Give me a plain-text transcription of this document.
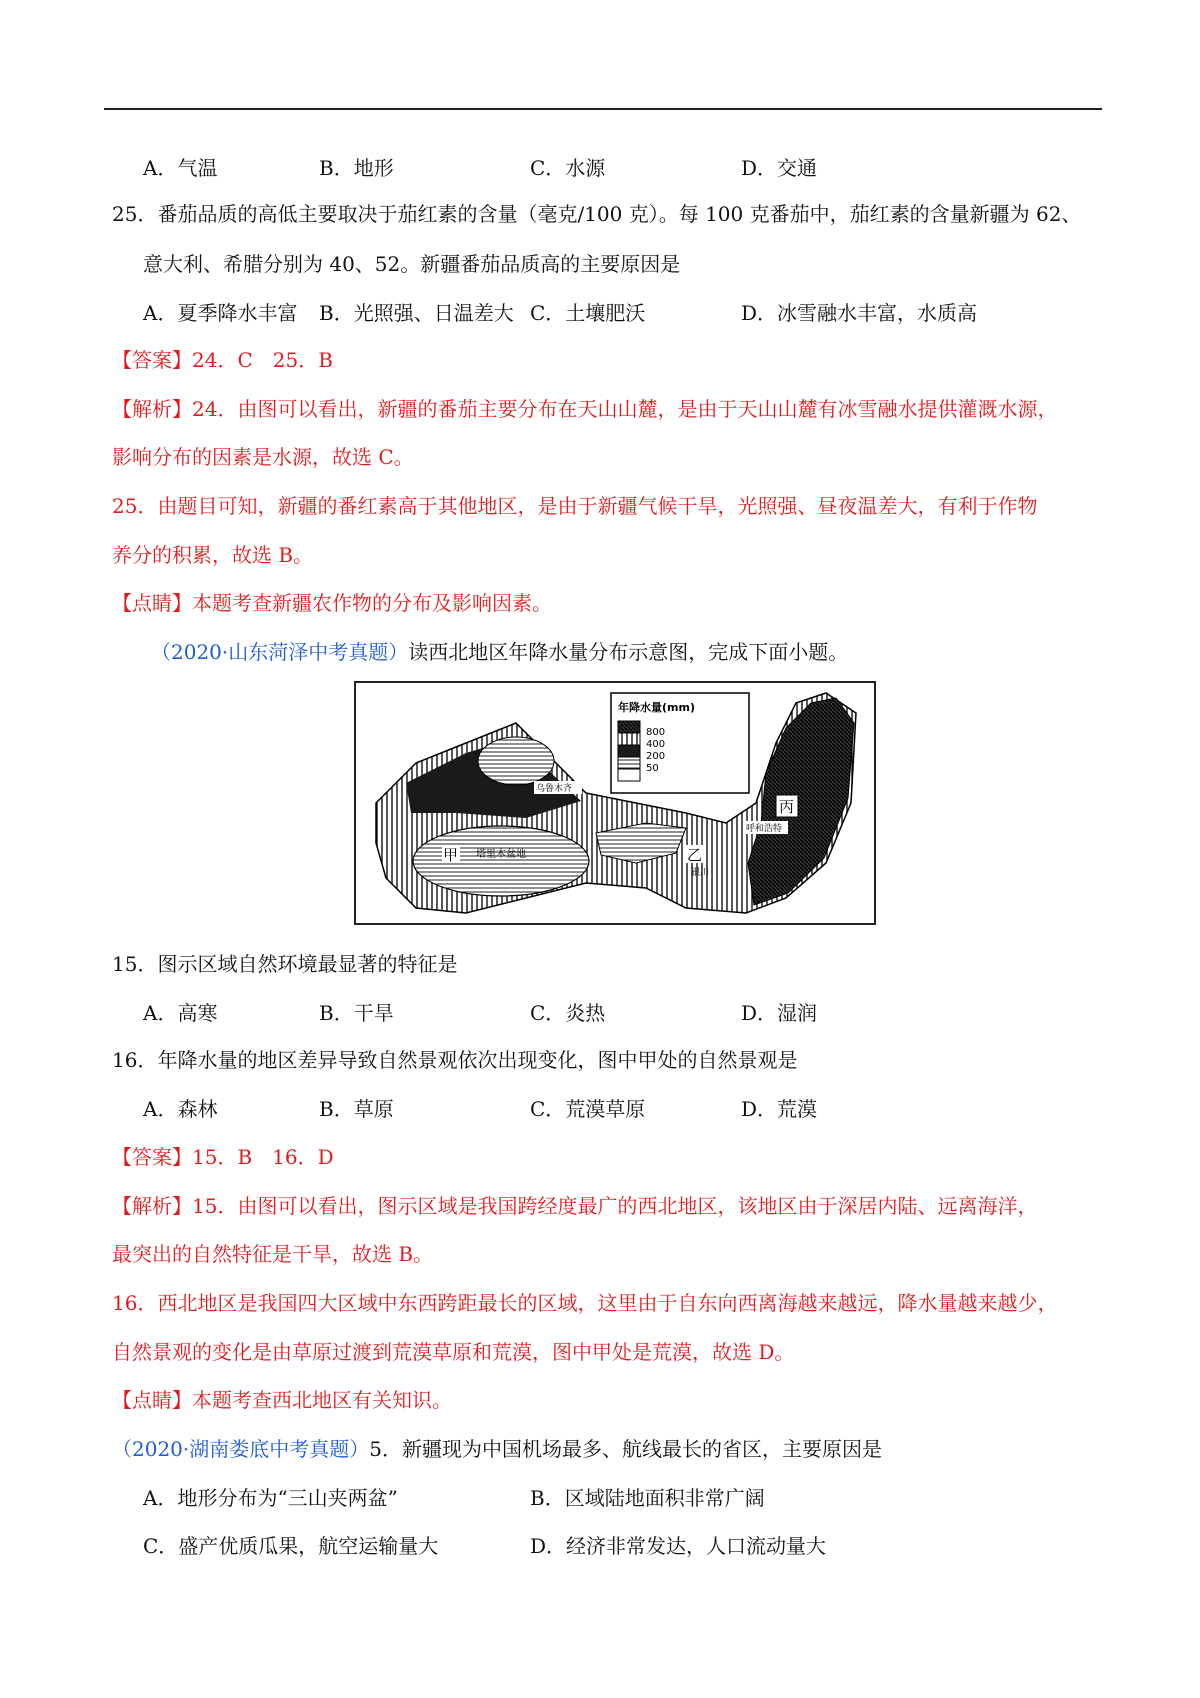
A．气温	B．地形	C．水源	D．交通
25．番茄品质的高低主要取决于茄红素的含量（毫克/100 克）。每 100 克番茄中，茄红素的含量新疆为 62、
意大利、希腊分别为 40、52。新疆番茄品质高的主要原因是
A．夏季降水丰富 B．光照强、日温差大 C．土壤肥沃	D．冰雪融水丰富，水质高
【答案】24．C　25．B
【解析】24．由图可以看出，新疆的番茄主要分布在天山山麓，是由于天山山麓有冰雪融水提供灌溉水源，
影响分布的因素是水源，故选 C。
25．由题目可知，新疆的番红素高于其他地区，是由于新疆气候干旱，光照强、昼夜温差大，有利于作物
养分的积累，故选 B。
【点睛】本题考查新疆农作物的分布及影响因素。
（2020·山东菏泽中考真题）读西北地区年降水量分布示意图，完成下面小题。
年降水量(mm)
800
400
200
50
乌鲁木齐
塔里木盆地
甲	乙
银川
丙
呼和浩特
15．图示区域自然环境最显著的特征是
A．高寒	B．干旱	C．炎热	D．湿润
16．年降水量的地区差异导致自然景观依次出现变化，图中甲处的自然景观是
A．森林	B．草原	C．荒漠草原	D．荒漠
【答案】15．B　16．D
【解析】15．由图可以看出，图示区域是我国跨经度最广的西北地区，该地区由于深居内陆、远离海洋，
最突出的自然特征是干旱，故选 B。
16．西北地区是我国四大区域中东西跨距最长的区域，这里由于自东向西离海越来越远，降水量越来越少，
自然景观的变化是由草原过渡到荒漠草原和荒漠，图中甲处是荒漠，故选 D。
【点睛】本题考查西北地区有关知识。
（2020·湖南娄底中考真题）5．新疆现为中国机场最多、航线最长的省区，主要原因是
A．地形分布为“三山夹两盆”	B．区域陆地面积非常广阔
C．盛产优质瓜果，航空运输量大	D．经济非常发达，人口流动量大
